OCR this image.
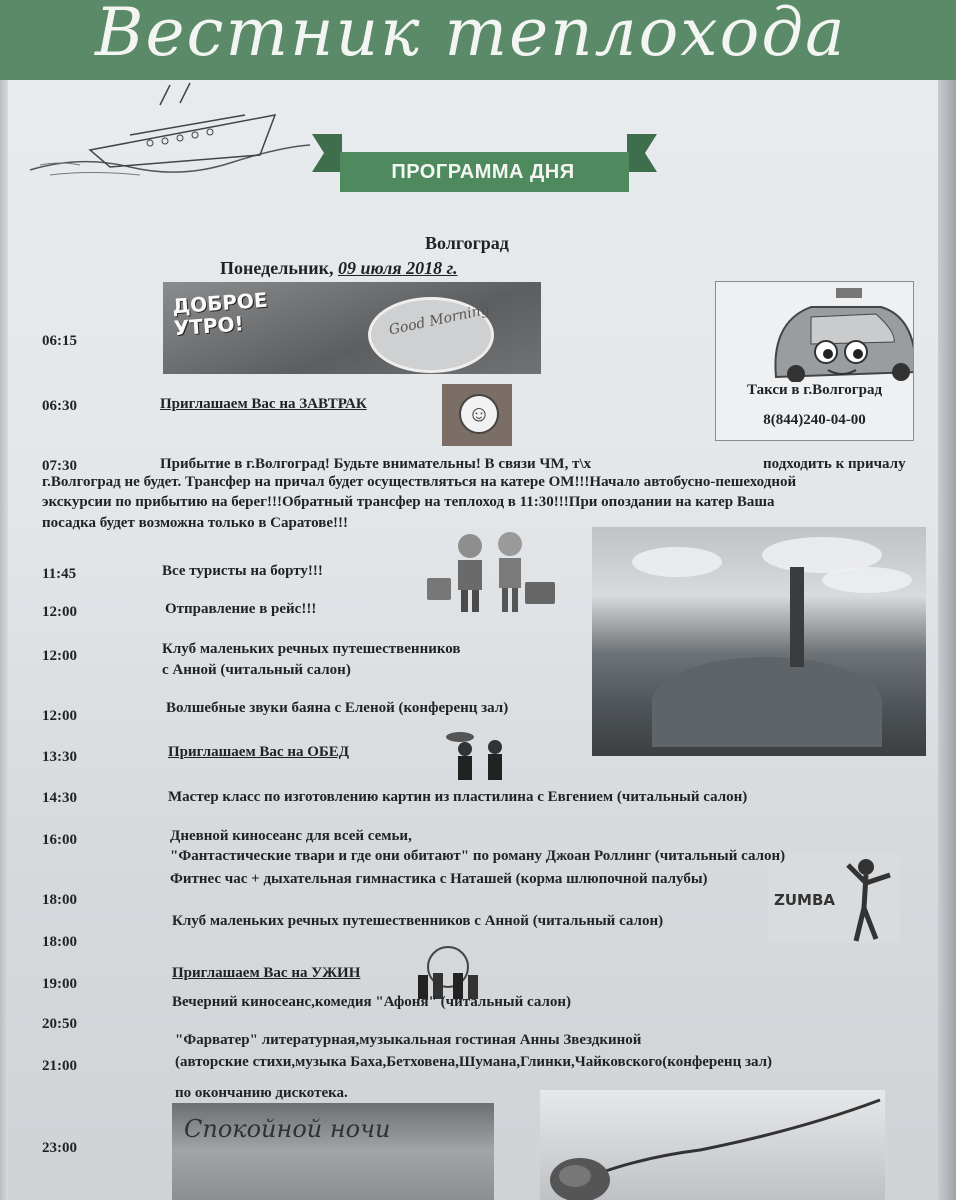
Вестник теплохода
ПРОГРАММА ДНЯ
Волгоград
Понедельник, 09 июля 2018 г.
ДОБРОЕ
УТРО!	Good Morning
Такси в г.Волгоград
8(844)240-04-00
☺
ZUMBA
Спокойной ночи
06:15
06:30
07:30
11:45
12:00
12:00
12:00
13:30
14:30
16:00
18:00
18:00
19:00
20:50
21:00
23:00
Приглашаем Вас на ЗАВТРАК
Прибытие в г.Волгоград! Будьте внимательны! В связи ЧМ, т\х	подходить к причалу
г.Волгоград не будет. Трансфер на причал будет осуществляться на катере ОМ!!!Начало автобусно-пешеходной
экскурсии по прибытию на берег!!!Обратный трансфер на теплоход в 11:30!!!При опоздании на катер Ваша
посадка будет возможна только в Саратове!!!
Все туристы на борту!!!
Отправление в рейс!!!
Клуб маленьких речных путешественников
с Анной (читальный салон)
Волшебные звуки баяна с Еленой (конференц зал)
Приглашаем Вас на ОБЕД
Мастер класс по изготовлению картин из пластилина с Евгением (читальный салон)
Дневной киносеанс для всей семьи,
"Фантастические твари и где они обитают" по роману Джоан Роллинг (читальный салон)
Фитнес час + дыхательная гимнастика с Наташей (корма шлюпочной палубы)
Клуб маленьких речных путешественников с Анной (читальный салон)
Приглашаем Вас на УЖИН
Вечерний киносеанс,комедия "Афоня" (читальный салон)
"Фарватер" литературная,музыкальная гостиная Анны Звездкиной
(авторские стихи,музыка Баха,Бетховена,Шумана,Глинки,Чайковского(конференц зал)
по окончанию дискотека.
